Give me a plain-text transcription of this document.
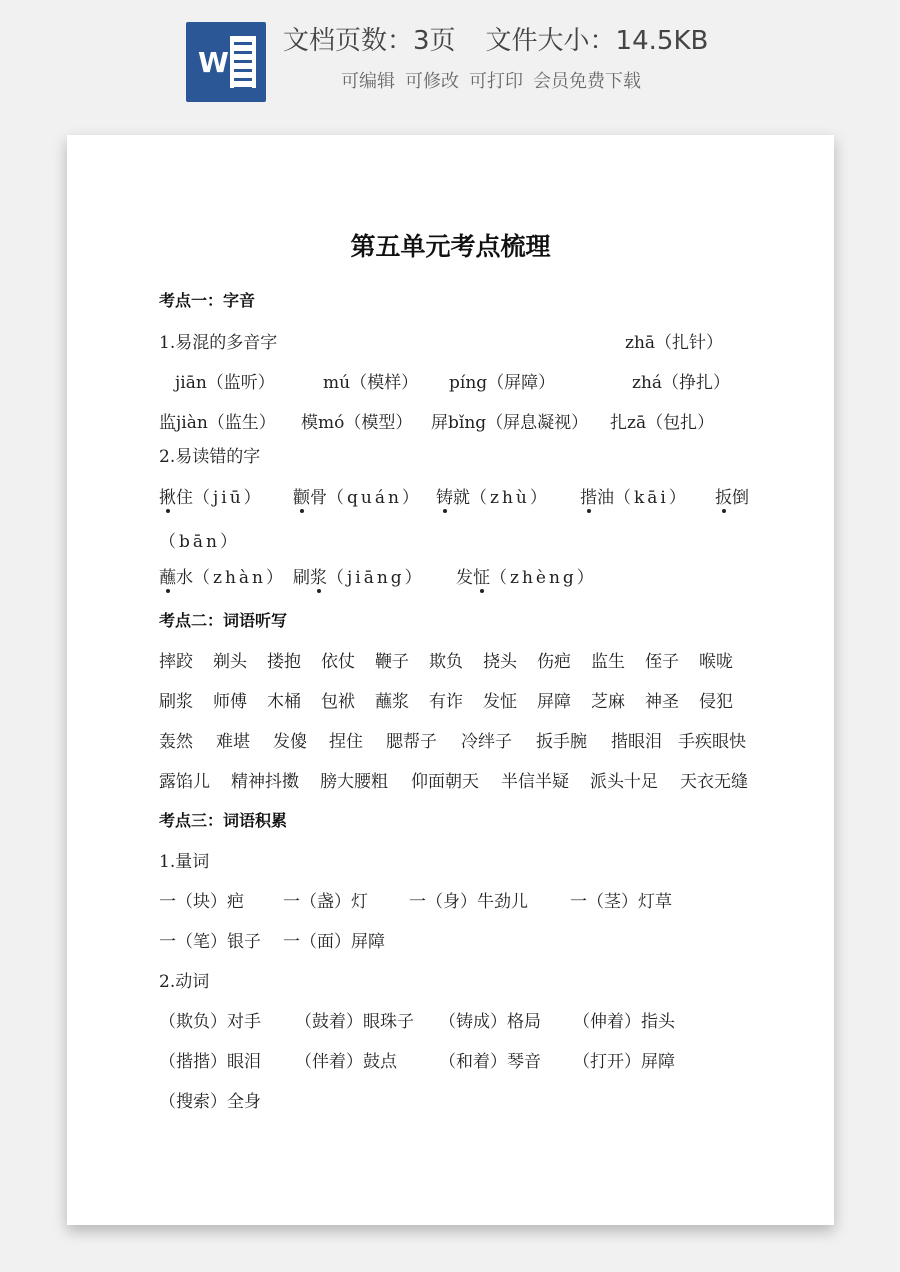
W
文档页数：3页 文件大小：14.5KB
可编辑 可修改 可打印 会员免费下载
第五单元考点梳理
考点一：字音
1.易混的多音字	zhā（扎针）
jiān（监听）	mú（模样） píng（屏障）	zhá（挣扎）
监jiàn（监生） 模mó（模型） 屏bǐng（屏息凝视） 扎zā（包扎）
2.易读错的字
揪住（jiū） 颧骨（quán） 铸就（zhù） 揩油（kāi） 扳倒
（bān）
蘸水（zhàn） 刷浆（jiāng） 发怔（zhèng）
考点二：词语听写
摔跤 剃头 搂抱 依仗 鞭子 欺负 挠头 伤疤 监生 侄子 喉咙
刷浆 师傅 木桶 包袱 蘸浆 有诈 发怔 屏障 芝麻 神圣 侵犯
轰然 难堪 发傻 捏住 腮帮子 冷绊子 扳手腕 揩眼泪 手疾眼快
露馅儿 精神抖擞 膀大腰粗 仰面朝天 半信半疑 派头十足 天衣无缝
考点三：词语积累
1.量词
一（块）疤 一（盏）灯 一（身）牛劲儿 一（茎）灯草
一（笔）银子 一（面）屏障
2.动词
（欺负）对手 （鼓着）眼珠子 （铸成）格局 （伸着）指头
（揩揩）眼泪 （伴着）鼓点 （和着）琴音 （打开）屏障
（搜索）全身
